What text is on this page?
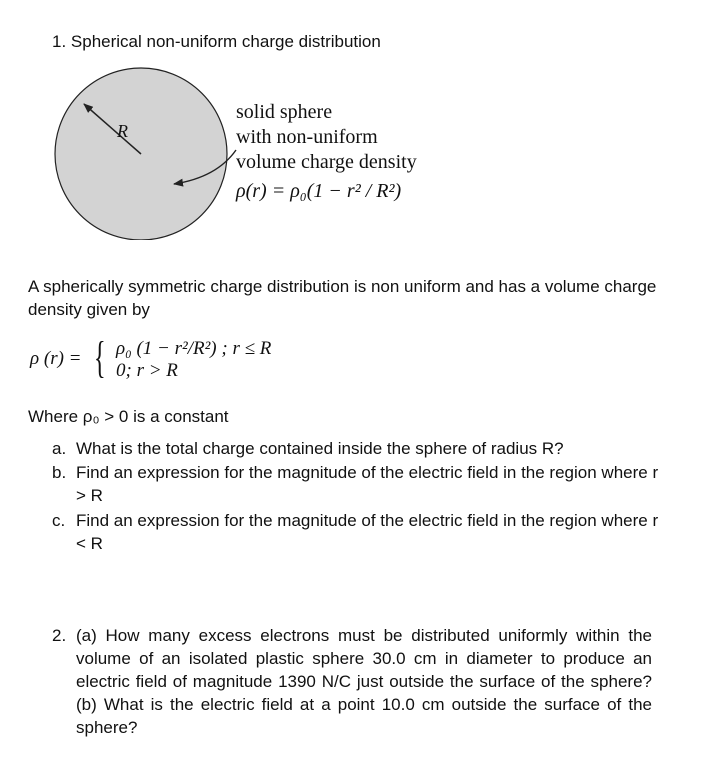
1. Spherical non-uniform charge distribution
R
solid sphere
with non-uniform
volume charge density
ρ(r) = ρ₀(1 − r² / R²)
A spherically symmetric charge distribution is non uniform and has a volume charge density given by
ρ (r) = { ρ₀ (1 − r²/R²) ; r ≤ R
0; r > R
Where ρ₀ > 0 is a constant
a. What is the total charge contained inside the sphere of radius R?
b. Find an expression for the magnitude of the electric field in the region where r > R
c. Find an expression for the magnitude of the electric field in the region where r < R
2. (a) How many excess electrons must be distributed uniformly within the volume of an isolated plastic sphere 30.0 cm in diameter to produce an electric field of magnitude 1390 N/C just outside the surface of the sphere? (b) What is the electric field at a point 10.0 cm outside the surface of the sphere?
